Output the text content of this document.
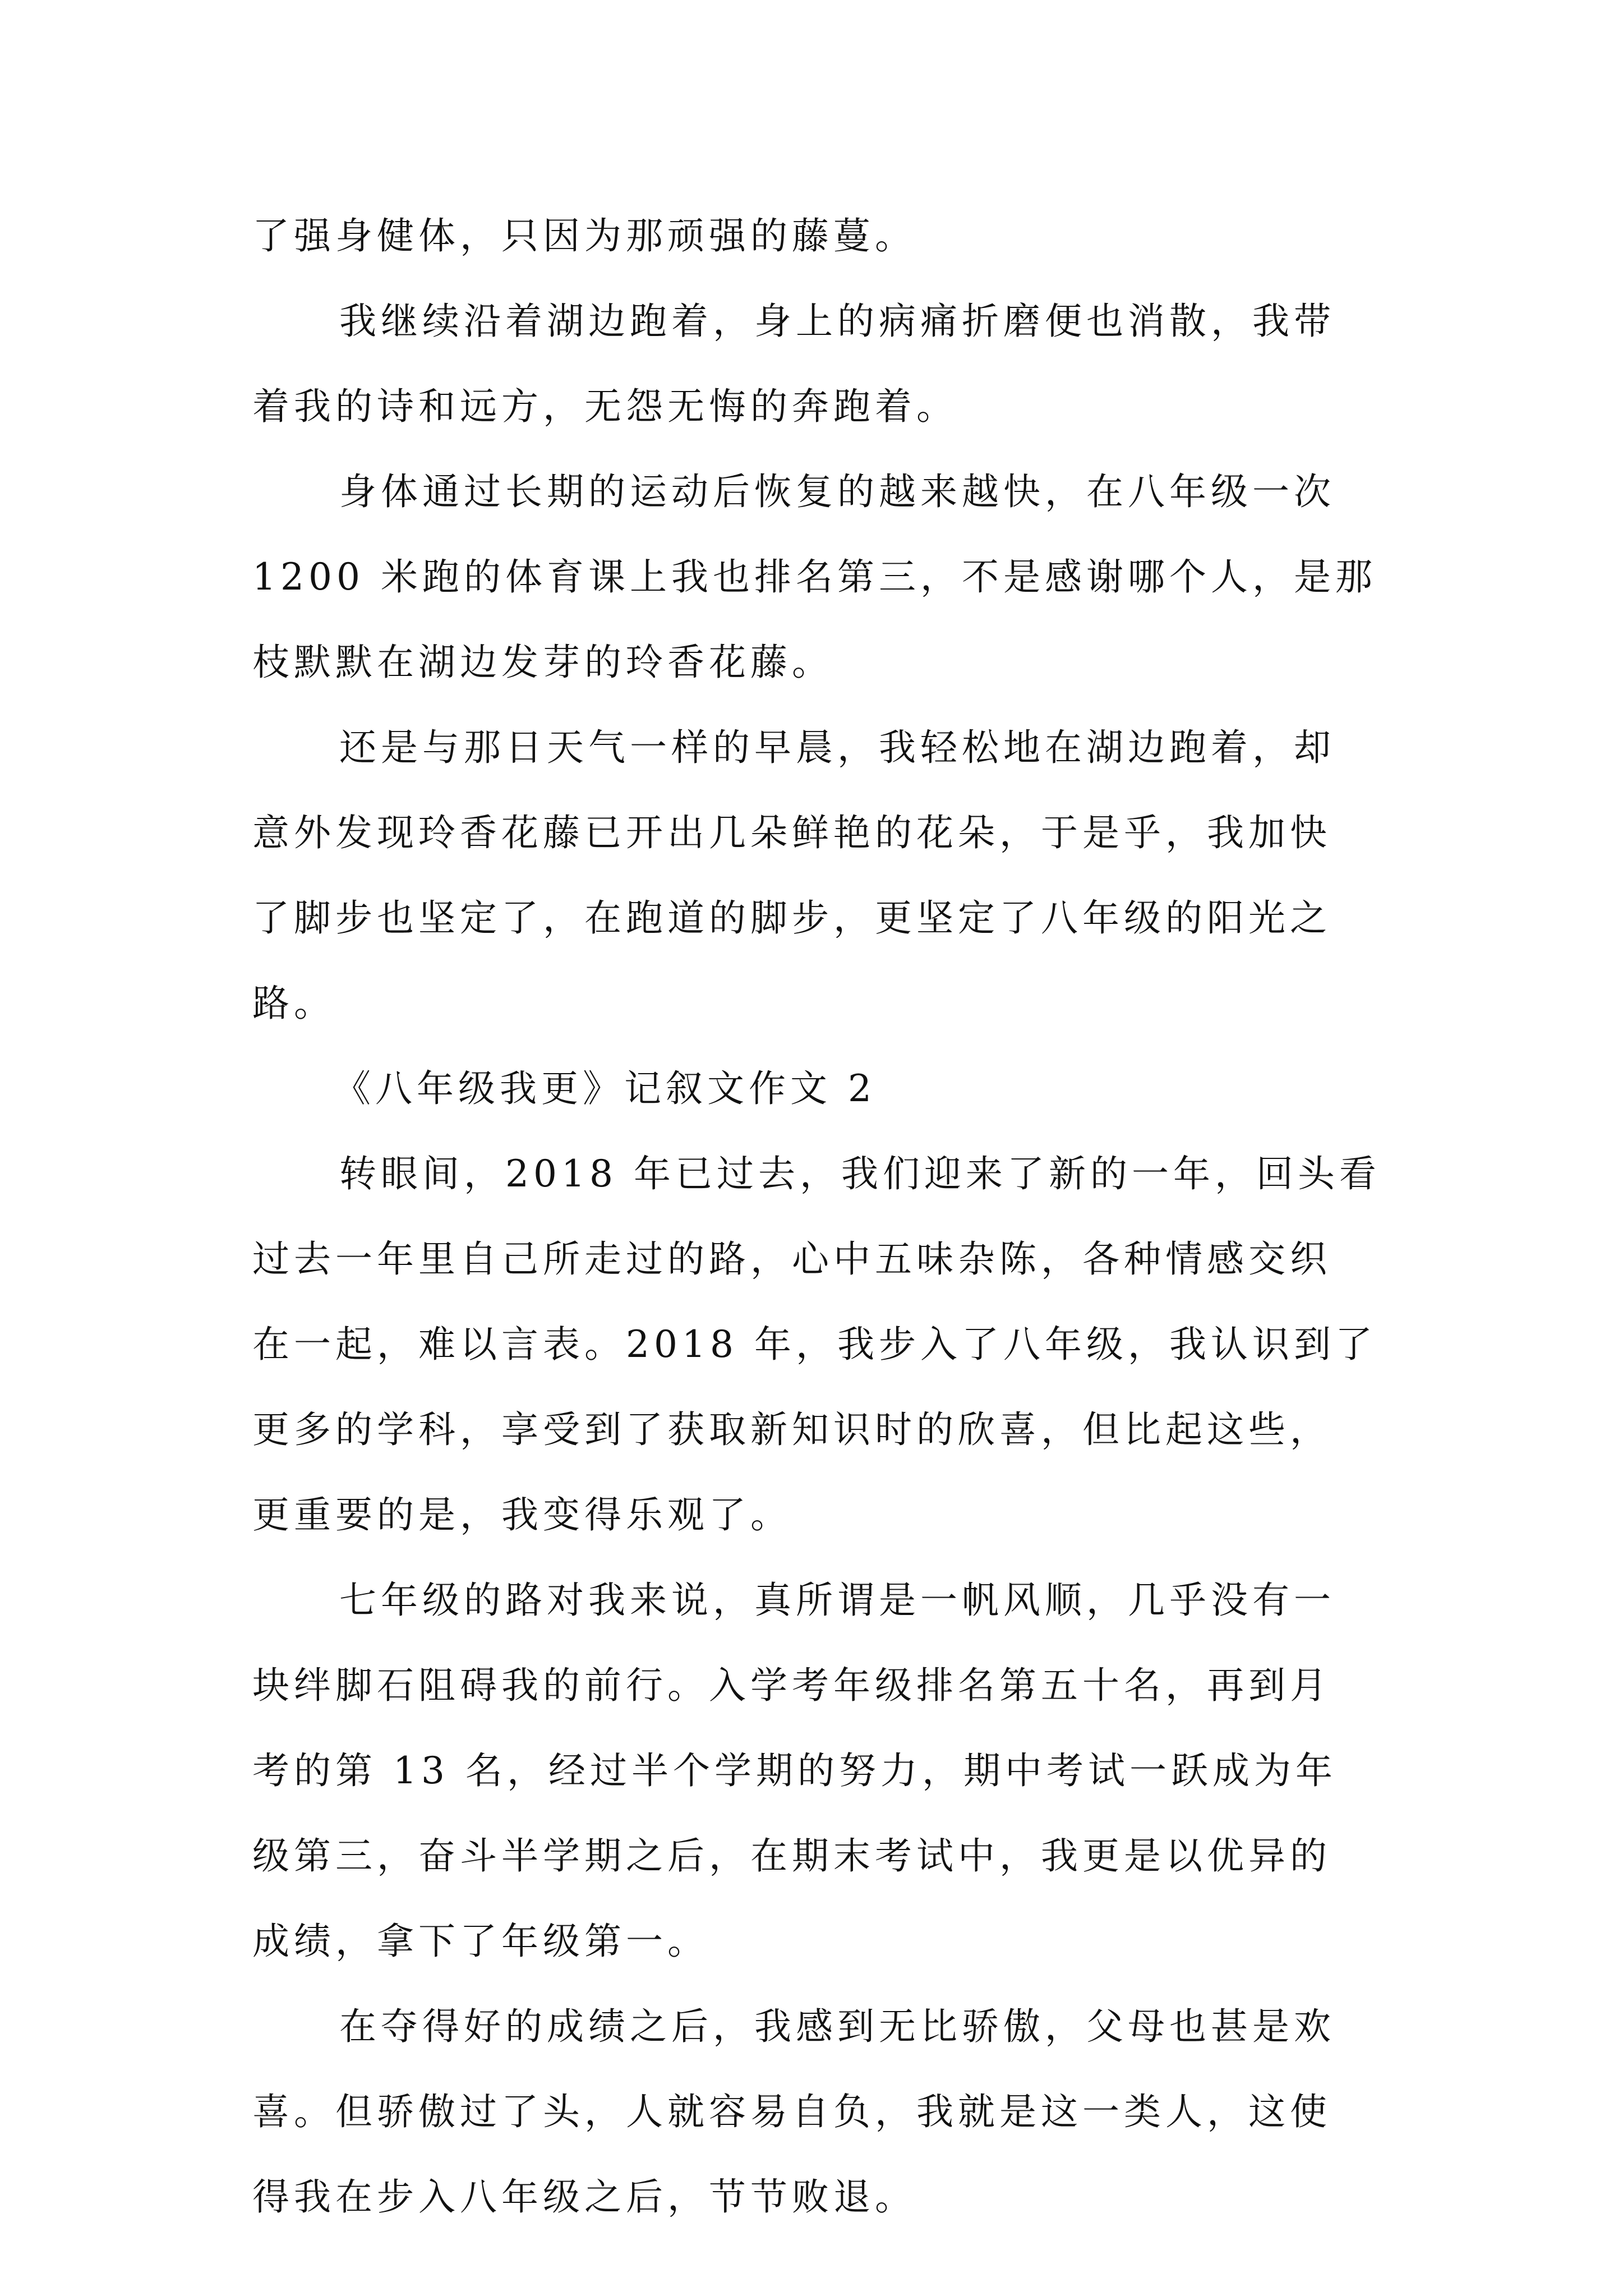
了强身健体，只因为那顽强的藤蔓。
我继续沿着湖边跑着，身上的病痛折磨便也消散，我带
着我的诗和远方，无怨无悔的奔跑着。
身体通过长期的运动后恢复的越来越快，在八年级一次
1200 米跑的体育课上我也排名第三，不是感谢哪个人，是那
枝默默在湖边发芽的玲香花藤。
还是与那日天气一样的早晨，我轻松地在湖边跑着，却
意外发现玲香花藤已开出几朵鲜艳的花朵，于是乎，我加快
了脚步也坚定了，在跑道的脚步，更坚定了八年级的阳光之
路。
《八年级我更》记叙文作文 2
转眼间，2018 年已过去，我们迎来了新的一年，回头看
过去一年里自己所走过的路，心中五味杂陈，各种情感交织
在一起，难以言表。2018 年，我步入了八年级，我认识到了
更多的学科，享受到了获取新知识时的欣喜，但比起这些，
更重要的是，我变得乐观了。
七年级的路对我来说，真所谓是一帆风顺，几乎没有一
块绊脚石阻碍我的前行。入学考年级排名第五十名，再到月
考的第 13 名，经过半个学期的努力，期中考试一跃成为年
级第三，奋斗半学期之后，在期末考试中，我更是以优异的
成绩，拿下了年级第一。
在夺得好的成绩之后，我感到无比骄傲，父母也甚是欢
喜。但骄傲过了头，人就容易自负，我就是这一类人，这使
得我在步入八年级之后，节节败退。
